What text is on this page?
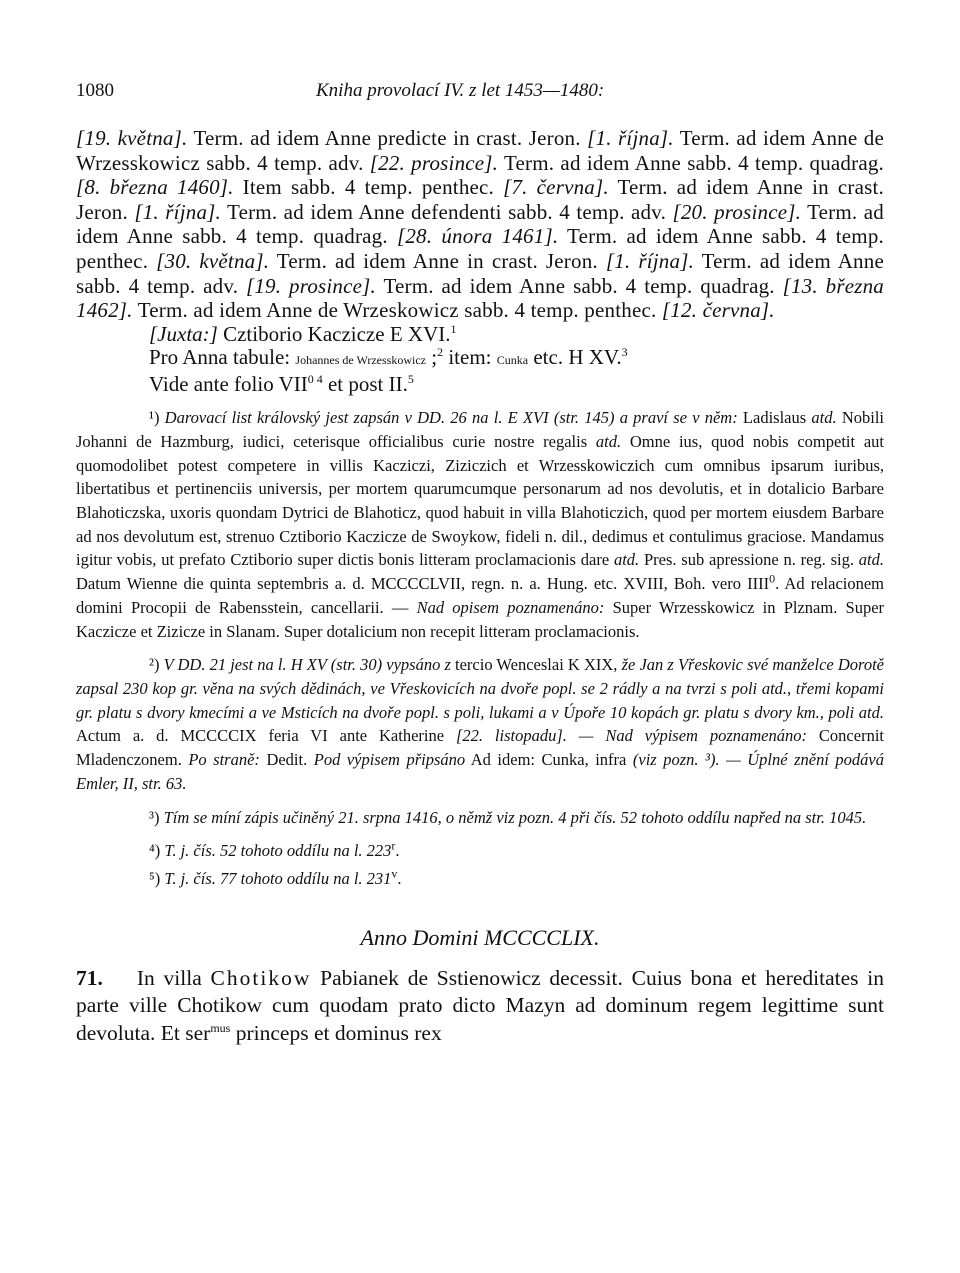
1080	Kniha provolací IV. z let 1453—1480:
[19. května]. Term. ad idem Anne predicte in crast. Jeron. [1. října]. Term. ad idem Anne de Wrzesskowicz sabb. 4 temp. adv. [22. prosince]. Term. ad idem Anne sabb. 4 temp. quadrag. [8. března 1460]. Item sabb. 4 temp. penthec. [7. června]. Term. ad idem Anne in crast. Jeron. [1. října]. Term. ad idem Anne defendenti sabb. 4 temp. adv. [20. prosince]. Term. ad idem Anne sabb. 4 temp. quadrag. [28. února 1461]. Term. ad idem Anne sabb. 4 temp. penthec. [30. května]. Term. ad idem Anne in crast. Jeron. [1. října]. Term. ad idem Anne sabb. 4 temp. adv. [19. prosince]. Term. ad idem Anne sabb. 4 temp. quadrag. [13. března 1462]. Term. ad idem Anne de Wrzeskowicz sabb. 4 temp. penthec. [12. června].
[Juxta:] Cztiborio Kaczicze E XVI.$^1$
Pro Anna tabule: Johannes de Wrzesskowicz ;$^2$ item: Cunka etc. H XV.$^3$
Vide ante folio VII$^0$ $^4$ et post II.$^5$
¹) Darovací list královský jest zapsán v DD. 26 na l. E XVI (str. 145) a praví se v něm: Ladislaus atd. Nobili Johanni de Hazmburg, iudici, ceterisque officialibus curie nostre regalis atd. Omne ius, quod nobis competit aut quomodolibet potest competere in villis Kacziczi, Ziziczich et Wrzesskowiczich cum omnibus ipsarum iuribus, libertatibus et pertinenciis universis, per mortem quarumcumque personarum ad nos devolutis, et in dotalicio Barbare Blahoticzska, uxoris quondam Dytrici de Blahoticz, quod habuit in villa Blahoticzich, quod per mortem eiusdem Barbare ad nos devolutum est, strenuo Cztiborio Kaczicze de Swoykow, fideli n. dil., dedimus et contulimus graciose. Mandamus igitur vobis, ut prefato Cztiborio super dictis bonis litteram proclamacionis dare atd. Pres. sub apressione n. reg. sig. atd. Datum Wienne die quinta septembris a. d. MCCCCLVII, regn. n. a. Hung. etc. XVIII, Boh. vero IIII$^0$. Ad relacionem domini Procopii de Rabensstein, cancellarii. — Nad opisem poznamenáno: Super Wrzesskowicz in Plznam. Super Kaczicze et Zizicze in Slanam. Super dotalicium non recepit litteram proclamacionis.
²) V DD. 21 jest na l. H XV (str. 30) vypsáno z tercio Wenceslai K XIX, že Jan z Vřeskovic své manželce Dorotě zapsal 230 kop gr. věna na svých dědinách, ve Vřeskovicích na dvoře popl. se 2 rádly a na tvrzi s poli atd., třemi kopami gr. platu s dvory kmecími a ve Msticích na dvoře popl. s poli, lukami a v Úpoře 10 kopách gr. platu s dvory km., poli atd. Actum a. d. MCCCCIX feria VI ante Katherine [22. listopadu]. — Nad výpisem poznamenáno: Concernit Mladenczonem. Po straně: Dedit. Pod výpisem připsáno Ad idem: Cunka, infra (viz pozn. ³). — Úplné znění podává Emler, II, str. 63.
³) Tím se míní zápis učiněný 21. srpna 1416, o němž viz pozn. 4 při čís. 52 tohoto oddílu napřed na str. 1045.
⁴) T. j. čís. 52 tohoto oddílu na l. 223$^r$.
⁵) T. j. čís. 77 tohoto oddílu na l. 231$^v$.
Anno Domini MCCCCLIX.
71. In villa Chotikow Pabianek de Sstienowicz decessit. Cuius bona et hereditates in parte ville Chotikow cum quodam prato dicto Mazyn ad dominum regem legittime sunt devoluta. Et ser$^{mus}$ princeps et dominus rex
